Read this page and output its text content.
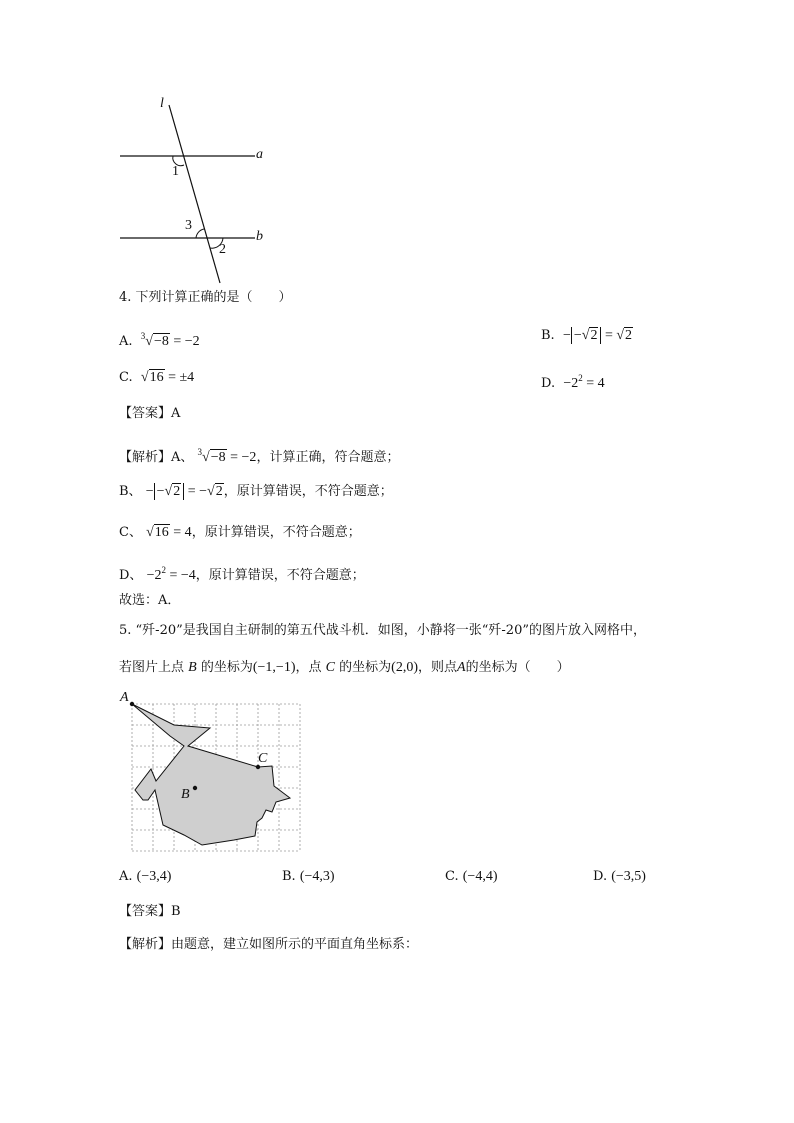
l
a
b
1
3
2
4. 下列计算正确的是（　　）
A. $^3$√−8 = −2	B. − −√2 = √2
C. √16 = ±4	D. $-2^2 = 4$
【答案】A
【解析】A、 $^3$√−8 = −2，计算正确，符合题意；
B、 − −√2 = −√2，原计算错误，不符合题意；
C、 √16 = 4，原计算错误，不符合题意；
D、 $-2^2 = -4$，原计算错误，不符合题意；
故选：A．
5. “歼-20”是我国自主研制的第五代战斗机．如图，小静将一张“歼-20”的图片放入网格中，
若图片上点 B 的坐标为(−1,−1)，点 C 的坐标为(2,0)，则点A的坐标为（　　）
A
B
C
A. (−3,4)	B. (−4,3)	C. (−4,4)	D. (−3,5)
【答案】B
【解析】由题意，建立如图所示的平面直角坐标系：
